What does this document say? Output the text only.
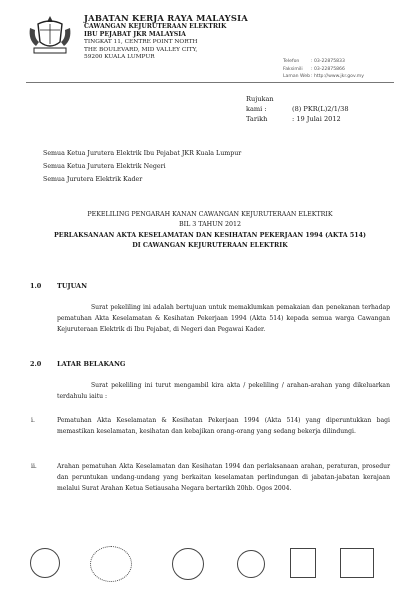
JABATAN KERJA RAYA MALAYSIA
CAWANGAN KEJURUTERAAN ELEKTRIK
IBU PEJABAT JKR MALAYSIA
TINGKAT 11, CENTRE POINT NORTH
THE BOULEVARD, MID VALLEY CITY,
59200 KUALA LUMPUR
Telefon	: 03-22875833
Faksimili : 03-22875866
Laman Web: http://www.jkr.gov.my
Rujukan kami :	(8) PKR(L)2/1/38
Tarikh	: 19 Julai 2012
Semua Ketua Jurutera Elektrik Ibu Pejabat JKR Kuala Lumpur
Semua Ketua Jurutera Elektrik Negeri
Semua Jurutera Elektrik Kader
PEKELILING PENGARAH KANAN CAWANGAN KEJURUTERAAN ELEKTRIK
BIL 3 TAHUN 2012
PERLAKSANAAN AKTA KESELAMATAN DAN KESIHATAN PEKERJAAN 1994 (AKTA 514)
DI CAWANGAN KEJURUTERAAN ELEKTRIK
1.0 TUJUAN
Surat pekeliling ini adalah bertujuan untuk memaklumkan pemakaian dan penekanan terhadap pematuhan Akta Keselamatan & Kesihatan Pekerjaan 1994 (Akta 514) kepada semua warga Cawangan Kejuruteraan Elektrik di Ibu Pejabat, di Negeri dan Pegawai Kader.
2.0 LATAR BELAKANG
Surat pekeliling ini turut mengambil kira akta / pekeliling / arahan-arahan yang dikeluarkan terdahulu iaitu :
i.	Pematuhan Akta Keselamatan & Kesihatan Pekerjaan 1994 (Akta 514) yang diperuntukkan bagi memastikan keselamatan, kesihatan dan kebajikan orang-orang yang sedang bekerja dilindungi.
ii.	Arahan pematuhan Akta Keselamatan dan Kesihatan 1994 dan perlaksanaan arahan, peraturan, prosedur dan peruntukan undang-undang yang berkaitan keselamatan perlindungan di jabatan-jabatan kerajaan melalui Surat Arahan Ketua Setiausaha Negara bertarikh 20hb. Ogos 2004.
